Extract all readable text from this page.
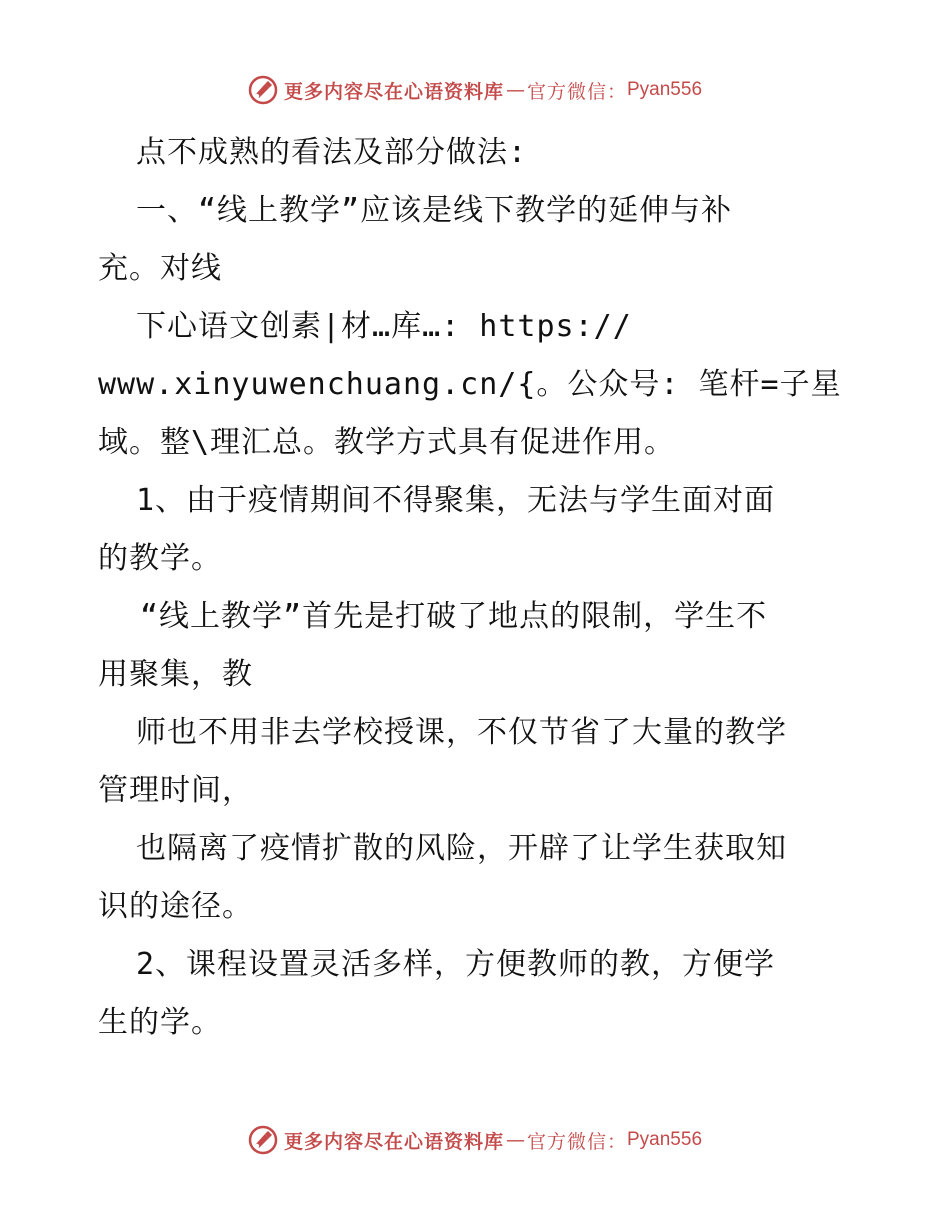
更多内容尽在心语资料库 — 官方微信： Pyan556
点不成熟的看法及部分做法:
一、“线上教学”应该是线下教学的延伸与补
充。对线
下心语文创素|材…库…: https://
www.xinyuwenchuang.cn/{。公众号: 笔杆=子星
域。整\理汇总。教学方式具有促进作用。
1、由于疫情期间不得聚集，无法与学生面对面
的教学。
“线上教学”首先是打破了地点的限制，学生不
用聚集，教
师也不用非去学校授课，不仅节省了大量的教学
管理时间，
也隔离了疫情扩散的风险，开辟了让学生获取知
识的途径。
2、课程设置灵活多样，方便教师的教，方便学
生的学。
更多内容尽在心语资料库 — 官方微信： Pyan556
